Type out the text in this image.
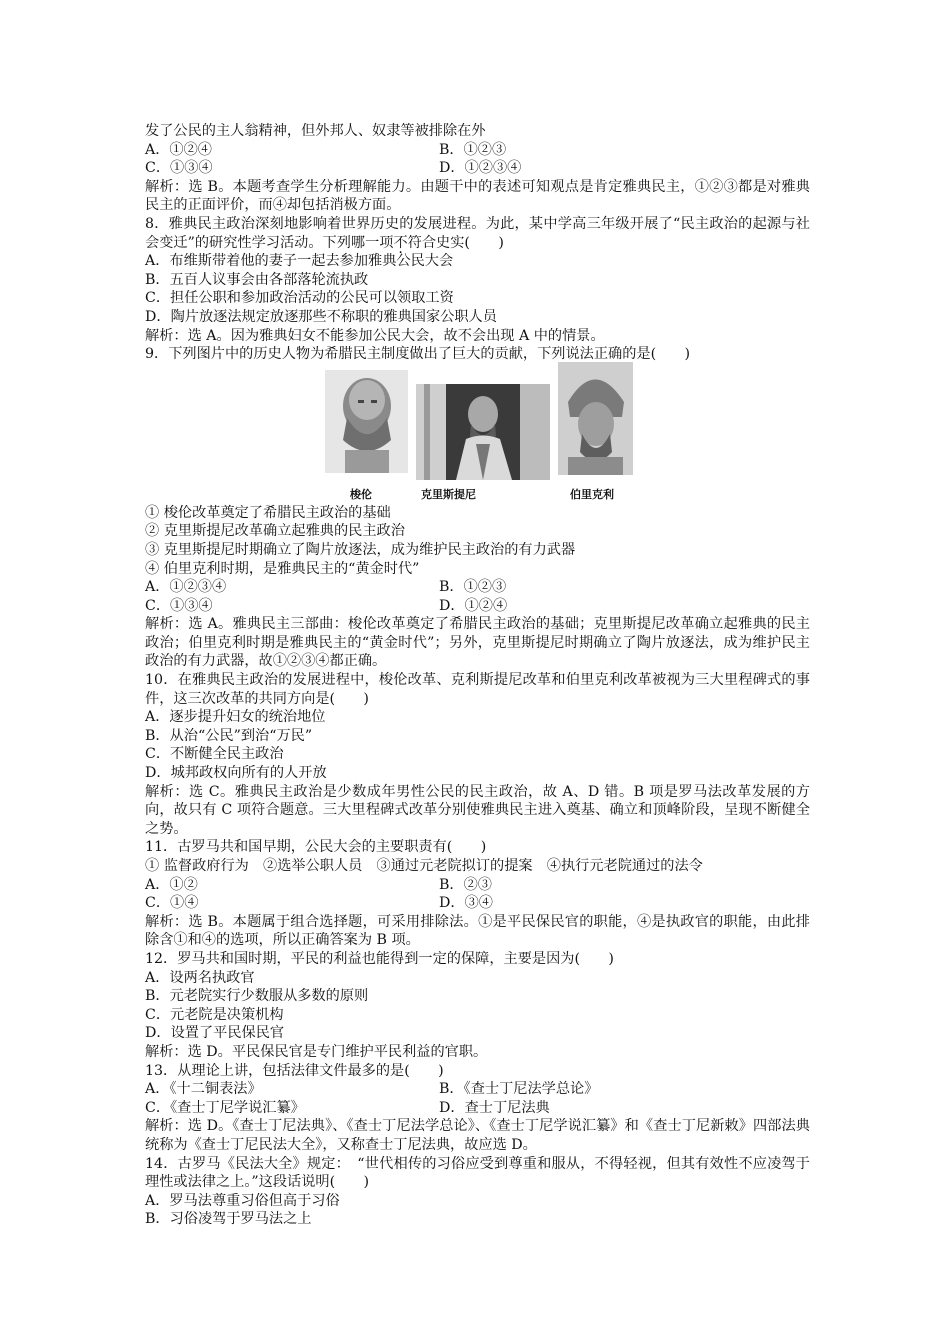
发了公民的主人翁精神，但外邦人、奴隶等被排除在外
A．①②④	B．①②③
C．①③④	D．①②③④
解析：选 B。本题考查学生分析理解能力。由题干中的表述可知观点是肯定雅典民主，①②③都是对雅典民主的正面评价，而④却包括消极方面。
8．雅典民主政治深刻地影响着世界历史的发展进程。为此，某中学高三年级开展了“民主政治的起源与社会变迁”的研究性学习活动。下列哪一项不符合史实(　　)
A．布维斯带着他的妻子一起去参加雅典公民大会
B．五百人议事会由各部落轮流执政
C．担任公职和参加政治活动的公民可以领取工资
D．陶片放逐法规定放逐那些不称职的雅典国家公职人员
解析：选 A。因为雅典妇女不能参加公民大会，故不会出现 A 中的情景。
9．下列图片中的历史人物为希腊民主制度做出了巨大的贡献，下列说法正确的是(　　)
梭伦	克里斯提尼	伯里克利
① 梭伦改革奠定了希腊民主政治的基础
② 克里斯提尼改革确立起雅典的民主政治
③ 克里斯提尼时期确立了陶片放逐法，成为维护民主政治的有力武器
④ 伯里克利时期，是雅典民主的“黄金时代”
A．①②③④	B．①②③
C．①③④	D．①②④
解析：选 A。雅典民主三部曲：梭伦改革奠定了希腊民主政治的基础；克里斯提尼改革确立起雅典的民主政治；伯里克利时期是雅典民主的“黄金时代”；另外，克里斯提尼时期确立了陶片放逐法，成为维护民主政治的有力武器，故①②③④都正确。
10．在雅典民主政治的发展进程中，梭伦改革、克利斯提尼改革和伯里克利改革被视为三大里程碑式的事件，这三次改革的共同方向是(　　)
A．逐步提升妇女的统治地位
B．从治“公民”到治“万民”
C．不断健全民主政治
D．城邦政权向所有的人开放
解析：选 C。雅典民主政治是少数成年男性公民的民主政治，故 A、D 错。B 项是罗马法改革发展的方向，故只有 C 项符合题意。三大里程碑式改革分别使雅典民主进入奠基、确立和顶峰阶段，呈现不断健全之势。
11．古罗马共和国早期，公民大会的主要职责有(　　)
① 监督政府行为　②选举公职人员　③通过元老院拟订的提案　④执行元老院通过的法令
A．①②	B．②③
C．①④	D．③④
解析：选 B。本题属于组合选择题，可采用排除法。①是平民保民官的职能，④是执政官的职能，由此排除含①和④的选项，所以正确答案为 B 项。
12．罗马共和国时期，平民的利益也能得到一定的保障，主要是因为(　　)
A．设两名执政官
B．元老院实行少数服从多数的原则
C．元老院是决策机构
D．设置了平民保民官
解析：选 D。平民保民官是专门维护平民利益的官职。
13．从理论上讲，包括法律文件最多的是(　　)
A．《十二铜表法》	B．《查士丁尼法学总论》
C．《查士丁尼学说汇纂》	D．查士丁尼法典
解析：选 D。《查士丁尼法典》、《查士丁尼法学总论》、《查士丁尼学说汇纂》和《查士丁尼新敕》四部法典统称为《查士丁尼民法大全》，又称查士丁尼法典，故应选 D。
14．古罗马《民法大全》规定：　“世代相传的习俗应受到尊重和服从，不得轻视，但其有效性不应凌驾于理性或法律之上。”这段话说明(　　)
A．罗马法尊重习俗但高于习俗
B．习俗凌驾于罗马法之上
